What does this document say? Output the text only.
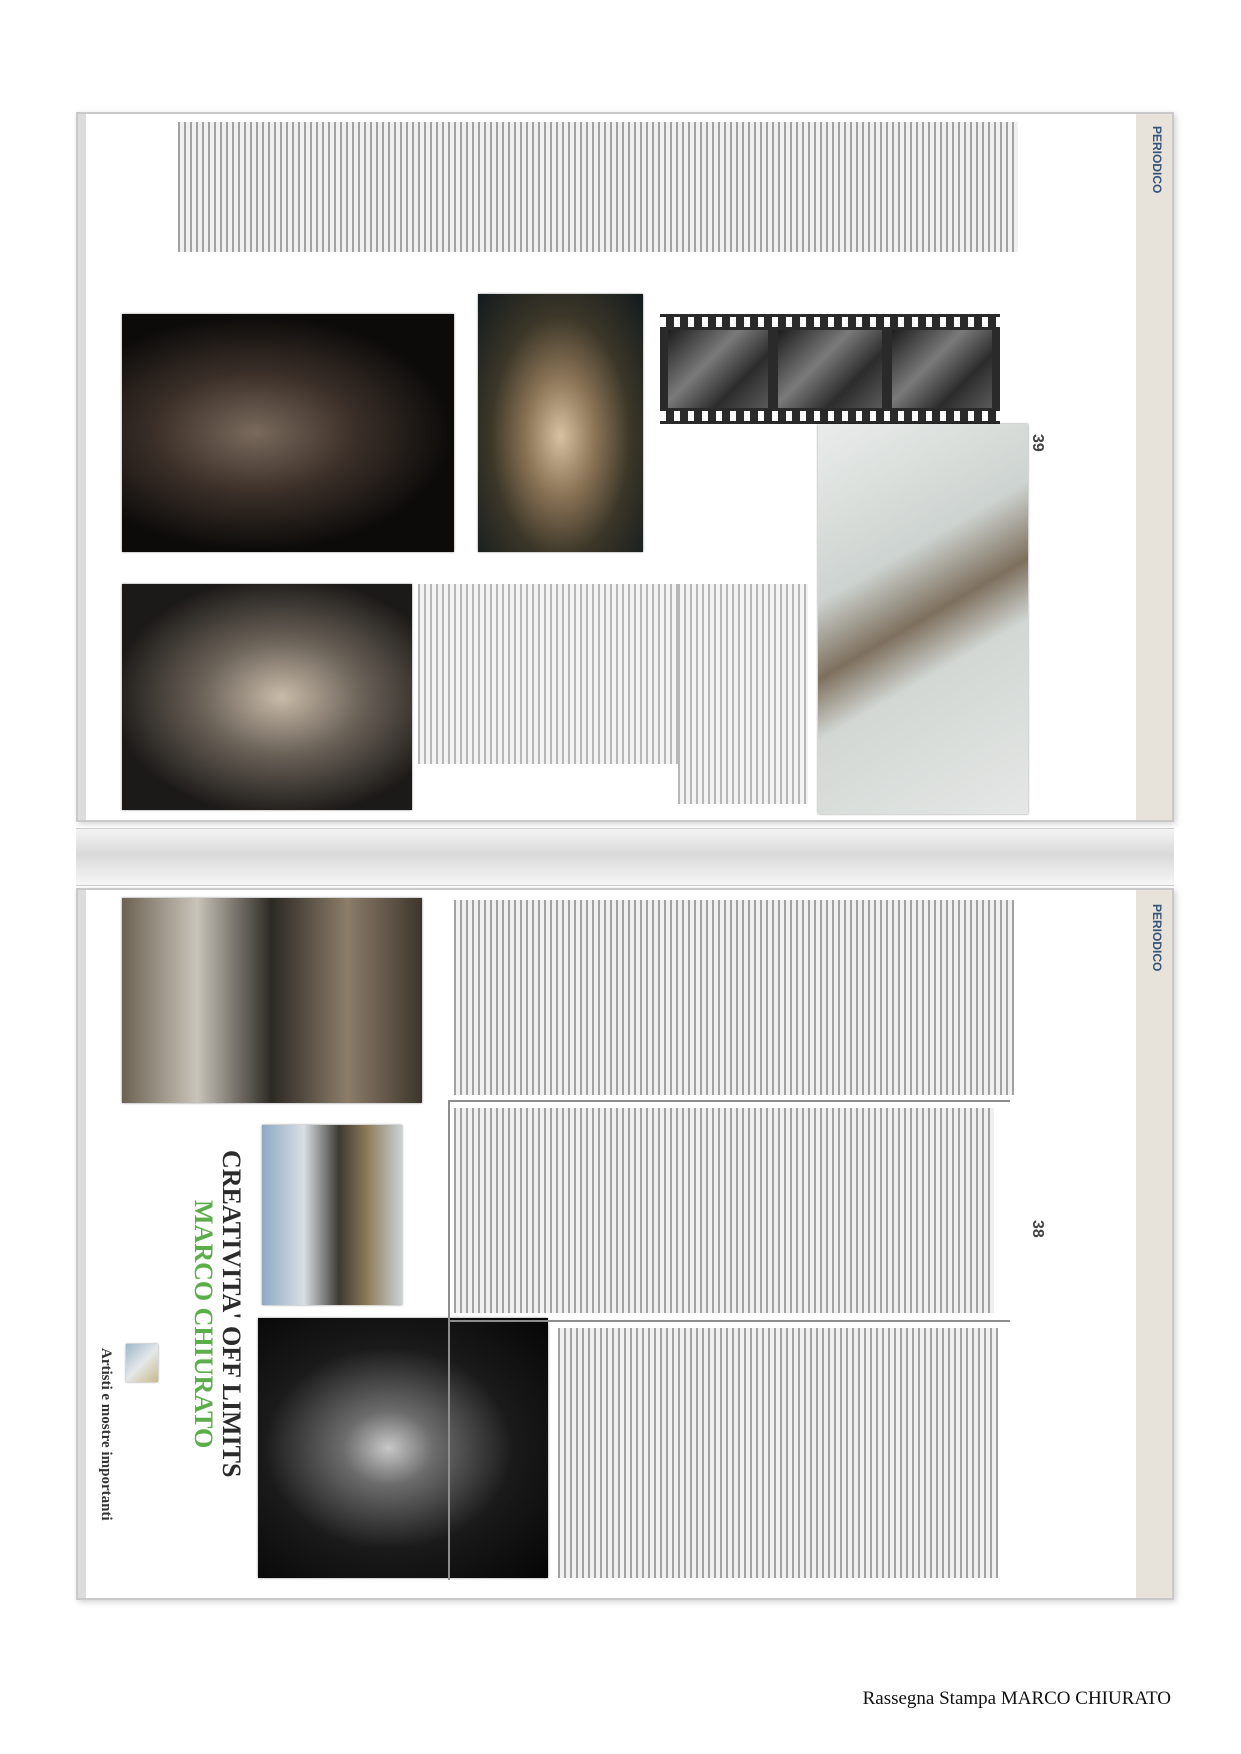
PERIODICO
39
PERIODICO
Artisti e mostre importanti	MARCO CHIURATO CREATIVITA' OFF LIMITS	38
Rassegna Stampa MARCO CHIURATO
